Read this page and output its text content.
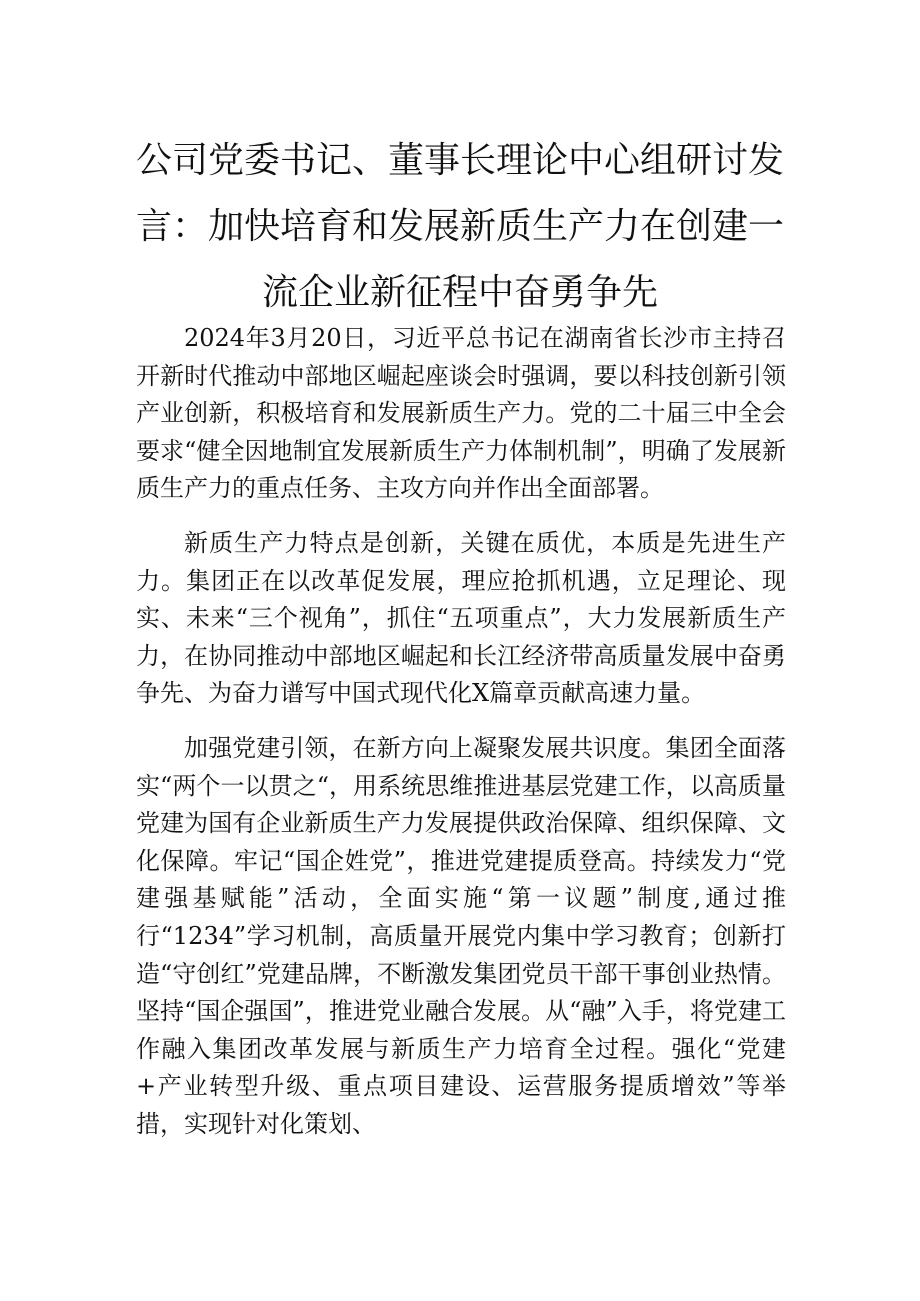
公司党委书记、董事长理论中心组研讨发
言：加快培育和发展新质生产力在创建一
流企业新征程中奋勇争先

2024年3月20日，习近平总书记在湖南省长沙市主持召开新时代推动中部地区崛起座谈会时强调，要以科技创新引领产业创新，积极培育和发展新质生产力。党的二十届三中全会要求“健全因地制宜发展新质生产力体制机制”，明确了发展新质生产力的重点任务、主攻方向并作出全面部署。

新质生产力特点是创新，关键在质优，本质是先进生产力。集团正在以改革促发展，理应抢抓机遇，立足理论、现实、未来“三个视角”，抓住“五项重点”，大力发展新质生产力，在协同推动中部地区崛起和长江经济带高质量发展中奋勇争先、为奋力谱写中国式现代化X篇章贡献高速力量。

加强党建引领，在新方向上凝聚发展共识度。集团全面落实“两个一以贯之“，用系统思维推进基层党建工作，以高质量党建为国有企业新质生产力发展提供政治保障、组织保障、文化保障。牢记“国企姓党”，推进党建提质登高。持续发力“党建强基赋能”活动，全面实施“第一议题”制度,通过推行“1234”学习机制，高质量开展党内集中学习教育；创新打造“守创红”党建品牌，不断激发集团党员干部干事创业热情。坚持“国企强国”，推进党业融合发展。从“融”入手，将党建工作融入集团改革发展与新质生产力培育全过程。强化“党建+产业转型升级、重点项目建设、运营服务提质增效”等举措，实现针对化策划、
